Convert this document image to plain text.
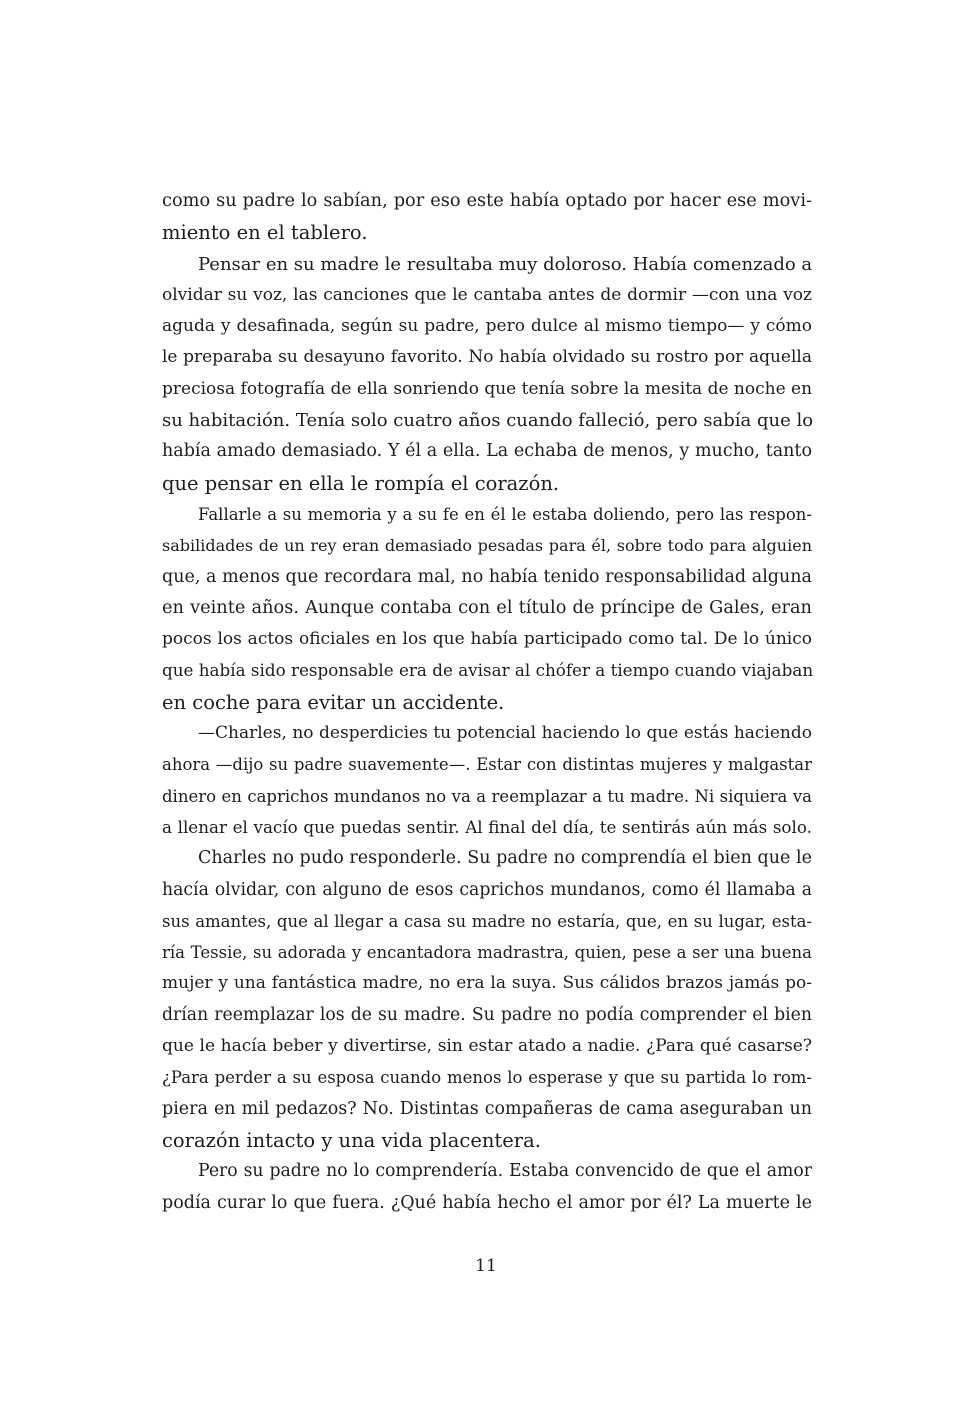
como su padre lo sabían, por eso este había optado por hacer ese movi-
miento en el tablero.
Pensar en su madre le resultaba muy doloroso. Había comenzado a
olvidar su voz, las canciones que le cantaba antes de dormir —con una voz
aguda y desafinada, según su padre, pero dulce al mismo tiempo— y cómo
le preparaba su desayuno favorito. No había olvidado su rostro por aquella
preciosa fotografía de ella sonriendo que tenía sobre la mesita de noche en
su habitación. Tenía solo cuatro años cuando falleció, pero sabía que lo
había amado demasiado. Y él a ella. La echaba de menos, y mucho, tanto
que pensar en ella le rompía el corazón.
Fallarle a su memoria y a su fe en él le estaba doliendo, pero las respon-
sabilidades de un rey eran demasiado pesadas para él, sobre todo para alguien
que, a menos que recordara mal, no había tenido responsabilidad alguna
en veinte años. Aunque contaba con el título de príncipe de Gales, eran
pocos los actos oficiales en los que había participado como tal. De lo único
que había sido responsable era de avisar al chófer a tiempo cuando viajaban
en coche para evitar un accidente.
—Charles, no desperdicies tu potencial haciendo lo que estás haciendo
ahora —dijo su padre suavemente—. Estar con distintas mujeres y malgastar
dinero en caprichos mundanos no va a reemplazar a tu madre. Ni siquiera va
a llenar el vacío que puedas sentir. Al final del día, te sentirás aún más solo.
Charles no pudo responderle. Su padre no comprendía el bien que le
hacía olvidar, con alguno de esos caprichos mundanos, como él llamaba a
sus amantes, que al llegar a casa su madre no estaría, que, en su lugar, esta-
ría Tessie, su adorada y encantadora madrastra, quien, pese a ser una buena
mujer y una fantástica madre, no era la suya. Sus cálidos brazos jamás po-
drían reemplazar los de su madre. Su padre no podía comprender el bien
que le hacía beber y divertirse, sin estar atado a nadie. ¿Para qué casarse?
¿Para perder a su esposa cuando menos lo esperase y que su partida lo rom-
piera en mil pedazos? No. Distintas compañeras de cama aseguraban un
corazón intacto y una vida placentera.
Pero su padre no lo comprendería. Estaba convencido de que el amor
podía curar lo que fuera. ¿Qué había hecho el amor por él? La muerte le
11
